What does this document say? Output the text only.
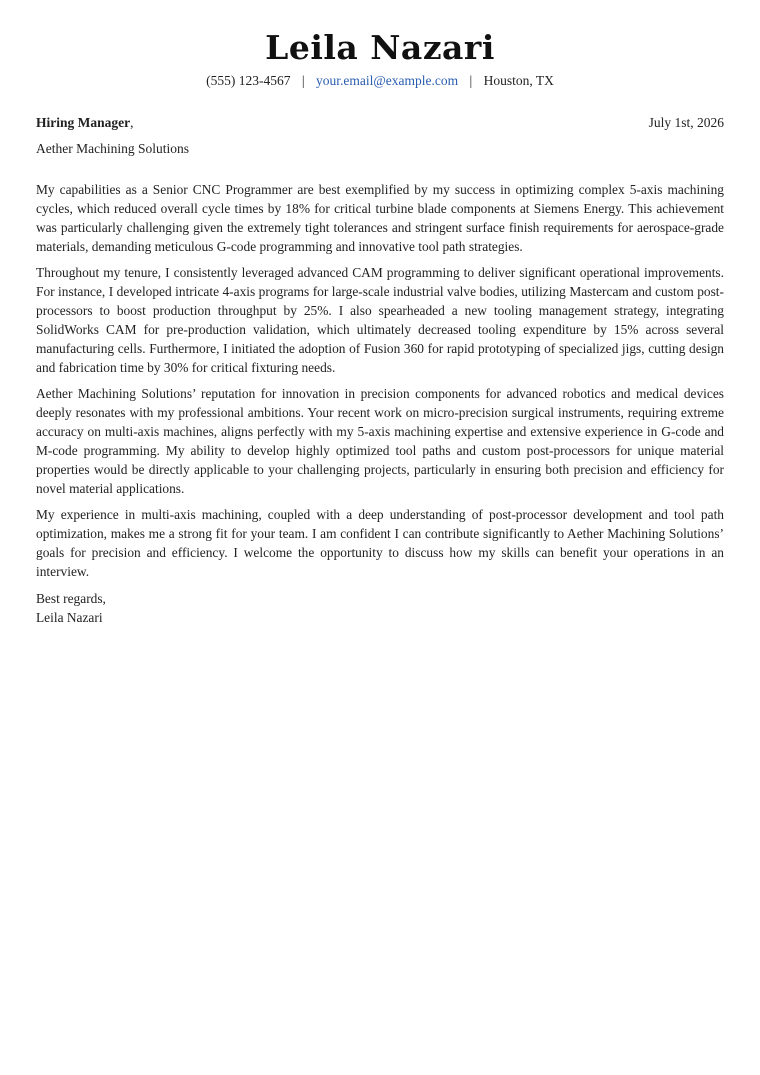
Leila Nazari
(555) 123-4567 | your.email@example.com | Houston, TX
Hiring Manager,	July 1st, 2026
Aether Machining Solutions

My capabilities as a Senior CNC Programmer are best exemplified by my success in optimizing complex 5-axis machining cycles, which reduced overall cycle times by 18% for critical turbine blade components at Siemens Energy. This achievement was particularly challenging given the extremely tight tolerances and stringent surface finish requirements for aerospace-grade materials, demanding meticulous G-code programming and innovative tool path strategies.

Throughout my tenure, I consistently leveraged advanced CAM programming to deliver significant operational improvements. For instance, I developed intricate 4-axis programs for large-scale industrial valve bodies, utilizing Mastercam and custom post-processors to boost production throughput by 25%. I also spearheaded a new tooling management strategy, integrating SolidWorks CAM for pre-production validation, which ultimately decreased tooling expenditure by 15% across several manufacturing cells. Furthermore, I initiated the adoption of Fusion 360 for rapid prototyping of specialized jigs, cutting design and fabrication time by 30% for critical fixturing needs.

Aether Machining Solutions’ reputation for innovation in precision components for advanced robotics and medical devices deeply resonates with my professional ambitions. Your recent work on micro-precision surgical instruments, requiring extreme accuracy on multi-axis machines, aligns perfectly with my 5-axis machining expertise and extensive experience in G-code and M-code programming. My ability to develop highly optimized tool paths and custom post-processors for unique material properties would be directly applicable to your challenging projects, particularly in ensuring both precision and efficiency for novel material applications.

My experience in multi-axis machining, coupled with a deep understanding of post-processor development and tool path optimization, makes me a strong fit for your team. I am confident I can contribute significantly to Aether Machining Solutions’ goals for precision and efficiency. I welcome the opportunity to discuss how my skills can benefit your operations in an interview.

Best regards,
Leila Nazari
